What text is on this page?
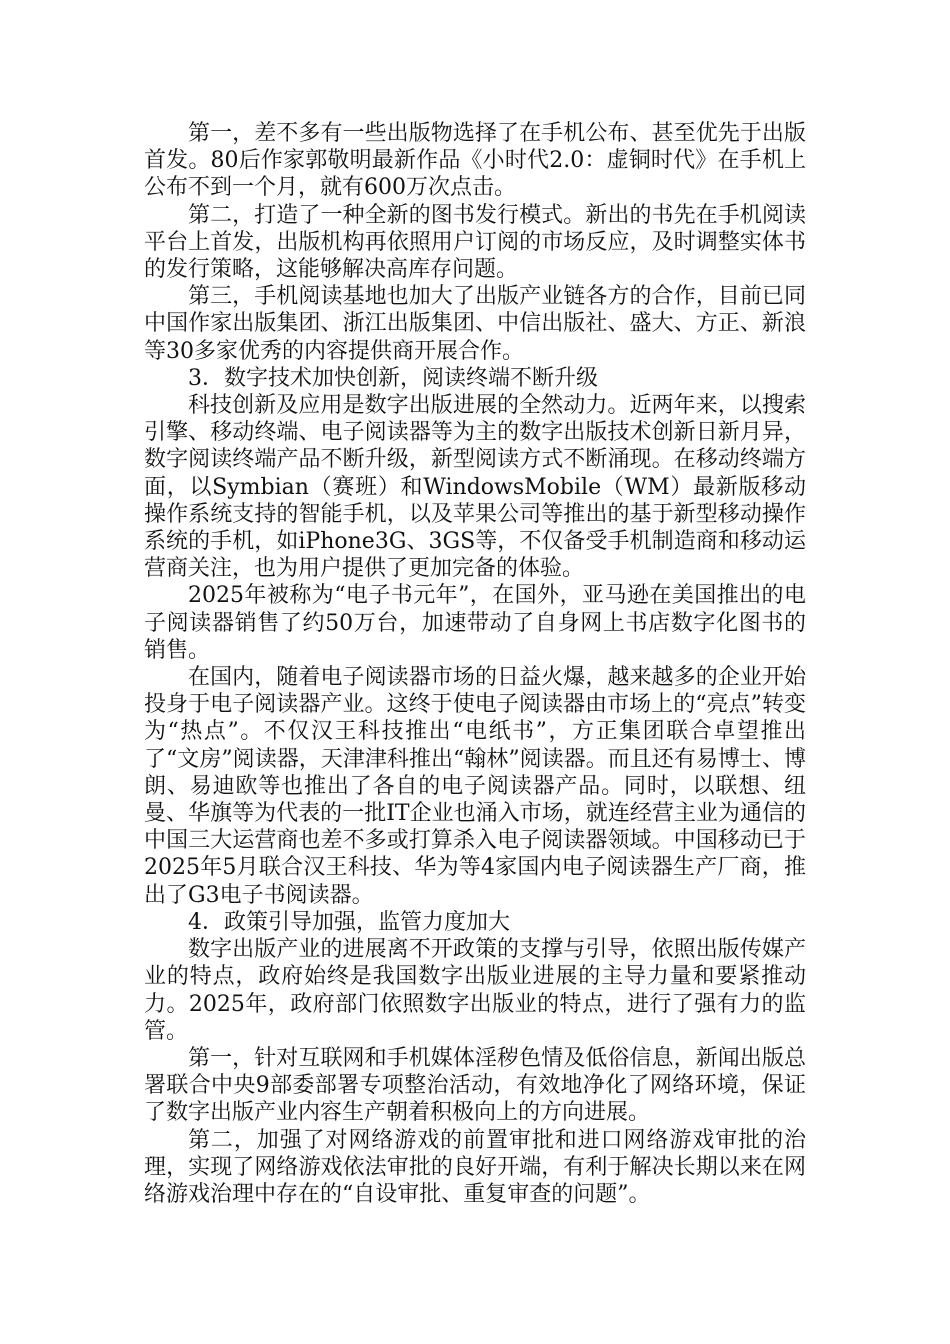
第一，差不多有一些出版物选择了在手机公布、甚至优先于出版首发。80后作家郭敬明最新作品《小时代2.0：虚铜时代》在手机上公布不到一个月，就有600万次点击。

第二，打造了一种全新的图书发行模式。新出的书先在手机阅读平台上首发，出版机构再依照用户订阅的市场反应，及时调整实体书的发行策略，这能够解决高库存问题。

第三，手机阅读基地也加大了出版产业链各方的合作，目前已同中国作家出版集团、浙江出版集团、中信出版社、盛大、方正、新浪等30多家优秀的内容提供商开展合作。

3．数字技术加快创新，阅读终端不断升级

科技创新及应用是数字出版进展的全然动力。近两年来，以搜索引擎、移动终端、电子阅读器等为主的数字出版技术创新日新月异，数字阅读终端产品不断升级，新型阅读方式不断涌现。在移动终端方面，以Symbian（赛班）和WindowsMobile（WM）最新版移动操作系统支持的智能手机，以及苹果公司等推出的基于新型移动操作系统的手机，如iPhone3G、3GS等，不仅备受手机制造商和移动运营商关注，也为用户提供了更加完备的体验。

2025年被称为“电子书元年”，在国外，亚马逊在美国推出的电子阅读器销售了约50万台，加速带动了自身网上书店数字化图书的销售。

在国内，随着电子阅读器市场的日益火爆，越来越多的企业开始投身于电子阅读器产业。这终于使电子阅读器由市场上的“亮点”转变为“热点”。不仅汉王科技推出“电纸书”，方正集团联合卓望推出了“文房”阅读器，天津津科推出“翰林”阅读器。而且还有易博士、博朗、易迪欧等也推出了各自的电子阅读器产品。同时，以联想、纽曼、华旗等为代表的一批IT企业也涌入市场，就连经营主业为通信的中国三大运营商也差不多或打算杀入电子阅读器领域。中国移动已于2025年5月联合汉王科技、华为等4家国内电子阅读器生产厂商，推出了G3电子书阅读器。

4．政策引导加强，监管力度加大

数字出版产业的进展离不开政策的支撑与引导，依照出版传媒产业的特点，政府始终是我国数字出版业进展的主导力量和要紧推动力。2025年，政府部门依照数字出版业的特点，进行了强有力的监管。

第一，针对互联网和手机媒体淫秽色情及低俗信息，新闻出版总署联合中央9部委部署专项整治活动，有效地净化了网络环境，保证了数字出版产业内容生产朝着积极向上的方向进展。

第二，加强了对网络游戏的前置审批和进口网络游戏审批的治理，实现了网络游戏依法审批的良好开端，有利于解决长期以来在网络游戏治理中存在的“自设审批、重复审查的问题”。
